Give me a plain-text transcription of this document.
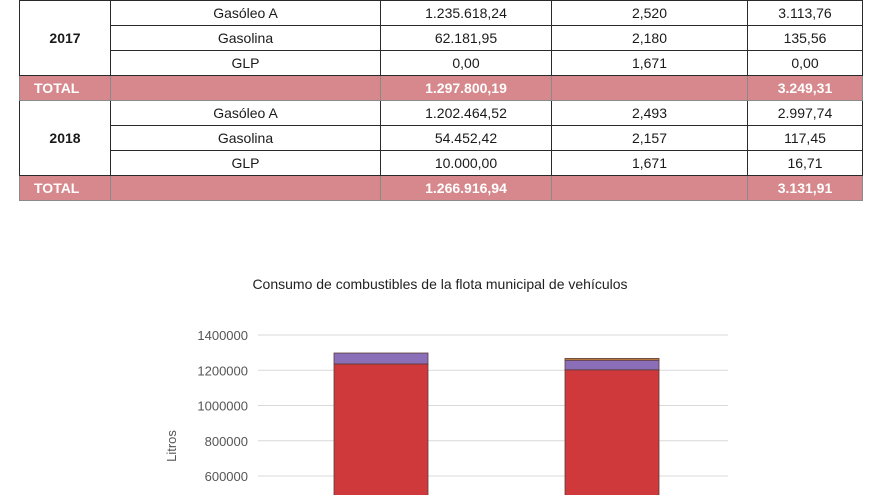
2017	Gasóleo A	1.235.618,24	2,520	3.113,76
	Gasolina	62.181,95	2,180	135,56
	GLP	0,00	1,671	0,00
TOTAL		1.297.800,19		3.249,31
2018	Gasóleo A	1.202.464,52	2,493	2.997,74
	Gasolina	54.452,42	2,157	117,45
	GLP	10.000,00	1,671	16,71
TOTAL		1.266.916,94		3.131,91

Consumo de combustibles de la flota municipal de vehículos

600000
800000
1000000
1200000
1400000
Litros
